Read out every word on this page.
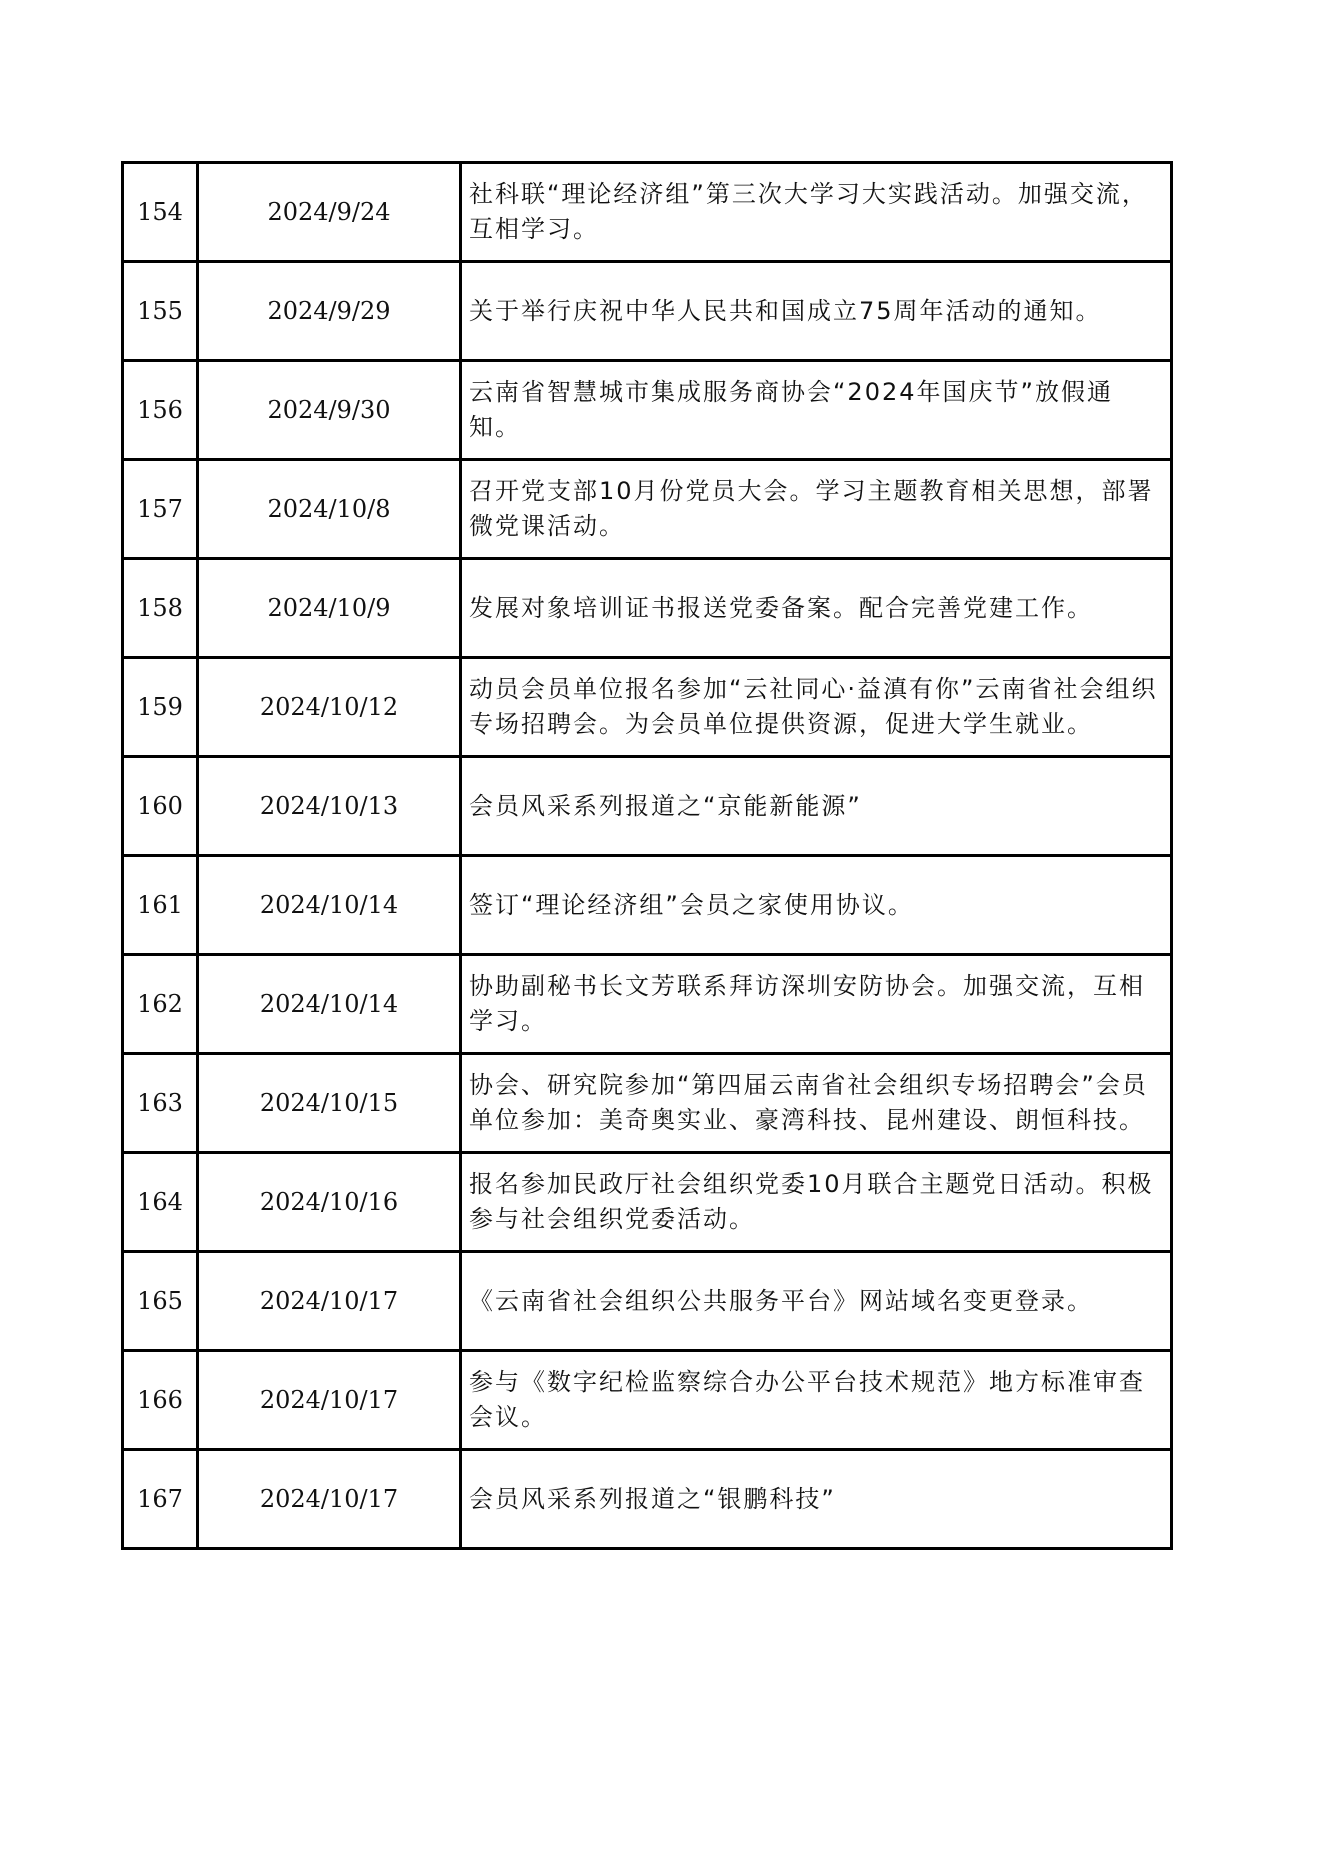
154	2024/9/24	社科联“理论经济组”第三次大学习大实践活动。加强交流，互相学习。
155	2024/9/29	关于举行庆祝中华人民共和国成立75周年活动的通知。
156	2024/9/30	云南省智慧城市集成服务商协会“2024年国庆节”放假通知。
157	2024/10/8	召开党支部10月份党员大会。学习主题教育相关思想，部署微党课活动。
158	2024/10/9	发展对象培训证书报送党委备案。配合完善党建工作。
159	2024/10/12	动员会员单位报名参加“云社同心·益滇有你”云南省社会组织专场招聘会。为会员单位提供资源，促进大学生就业。
160	2024/10/13	会员风采系列报道之“京能新能源”
161	2024/10/14	签订“理论经济组”会员之家使用协议。
162	2024/10/14	协助副秘书长文芳联系拜访深圳安防协会。加强交流，互相学习。
163	2024/10/15	协会、研究院参加“第四届云南省社会组织专场招聘会”会员单位参加：美奇奥实业、豪湾科技、昆州建设、朗恒科技。
164	2024/10/16	报名参加民政厅社会组织党委10月联合主题党日活动。积极参与社会组织党委活动。
165	2024/10/17	《云南省社会组织公共服务平台》网站域名变更登录。
166	2024/10/17	参与《数字纪检监察综合办公平台技术规范》地方标准审查会议。
167	2024/10/17	会员风采系列报道之“银鹏科技”
